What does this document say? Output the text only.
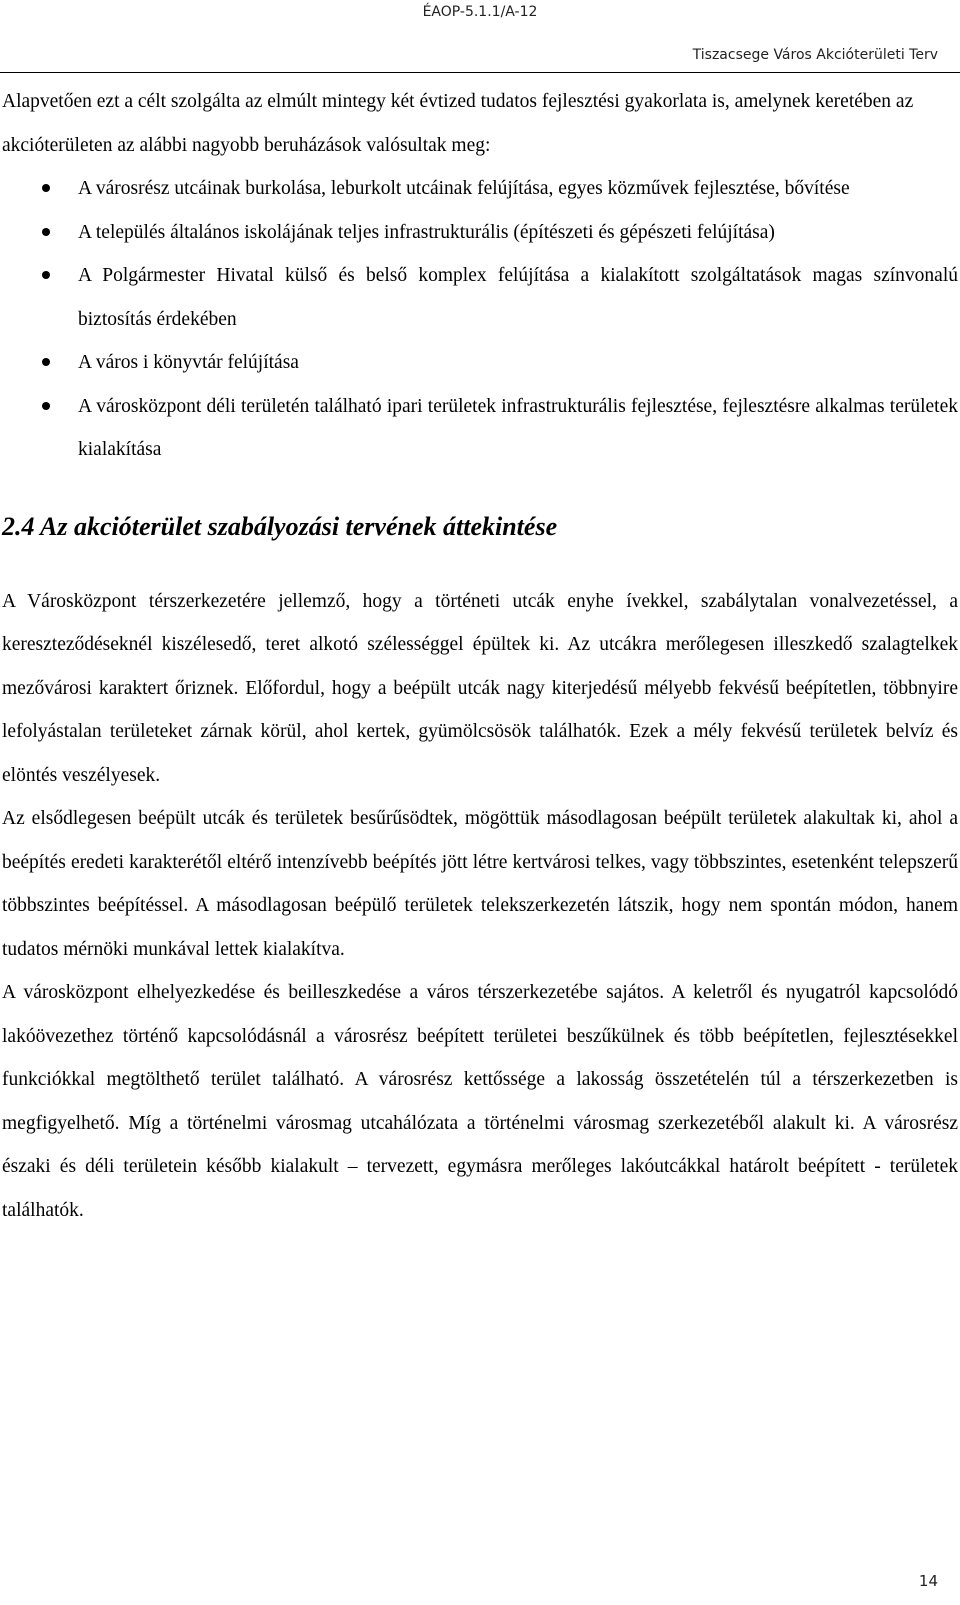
ÉAOP-5.1.1/A-12
Tiszacsege Város Akcióterületi Terv

Alapvetően ezt a célt szolgálta az elmúlt mintegy két évtized tudatos fejlesztési gyakorlata is, amelynek keretében az akcióterületen az alábbi nagyobb beruházások valósultak meg:

A városrész utcáinak burkolása, leburkolt utcáinak felújítása, egyes közművek fejlesztése, bővítése
A település általános iskolájának teljes infrastrukturális (építészeti és gépészeti felújítása)
A Polgármester Hivatal külső és belső komplex felújítása a kialakított szolgáltatások magas színvonalú biztosítás érdekében
A város i könyvtár felújítása
A városközpont déli területén található ipari területek infrastrukturális fejlesztése, fejlesztésre alkalmas területek kialakítása
2.4 Az akcióterület szabályozási tervének áttekintése

A Városközpont térszerkezetére jellemző, hogy a történeti utcák enyhe ívekkel, szabálytalan vonalvezetéssel, a kereszteződéseknél kiszélesedő, teret alkotó szélességgel épültek ki. Az utcákra merőlegesen illeszkedő szalagtelkek mezővárosi karaktert őriznek. Előfordul, hogy a beépült utcák nagy kiterjedésű mélyebb fekvésű beépítetlen, többnyire lefolyástalan területeket zárnak körül, ahol kertek, gyümölcsösök találhatók. Ezek a mély fekvésű területek belvíz és elöntés veszélyesek.

Az elsődlegesen beépült utcák és területek besűrűsödtek, mögöttük másodlagosan beépült területek alakultak ki, ahol a beépítés eredeti karakterétől eltérő intenzívebb beépítés jött létre kertvárosi telkes, vagy többszintes, esetenként telepszerű többszintes beépítéssel. A másodlagosan beépülő területek telekszerkezetén látszik, hogy nem spontán módon, hanem tudatos mérnöki munkával lettek kialakítva.

A városközpont elhelyezkedése és beilleszkedése a város térszerkezetébe sajátos. A keletről és nyugatról kapcsolódó lakóövezethez történő kapcsolódásnál a városrész beépített területei beszűkülnek és több beépítetlen, fejlesztésekkel funkciókkal megtölthető terület található. A városrész kettőssége a lakosság összetételén túl a térszerkezetben is megfigyelhető. Míg a történelmi városmag utcahálózata a történelmi városmag szerkezetéből alakult ki. A városrész északi és déli területein később kialakult – tervezett, egymásra merőleges lakóutcákkal határolt beépített - területek találhatók.

14
